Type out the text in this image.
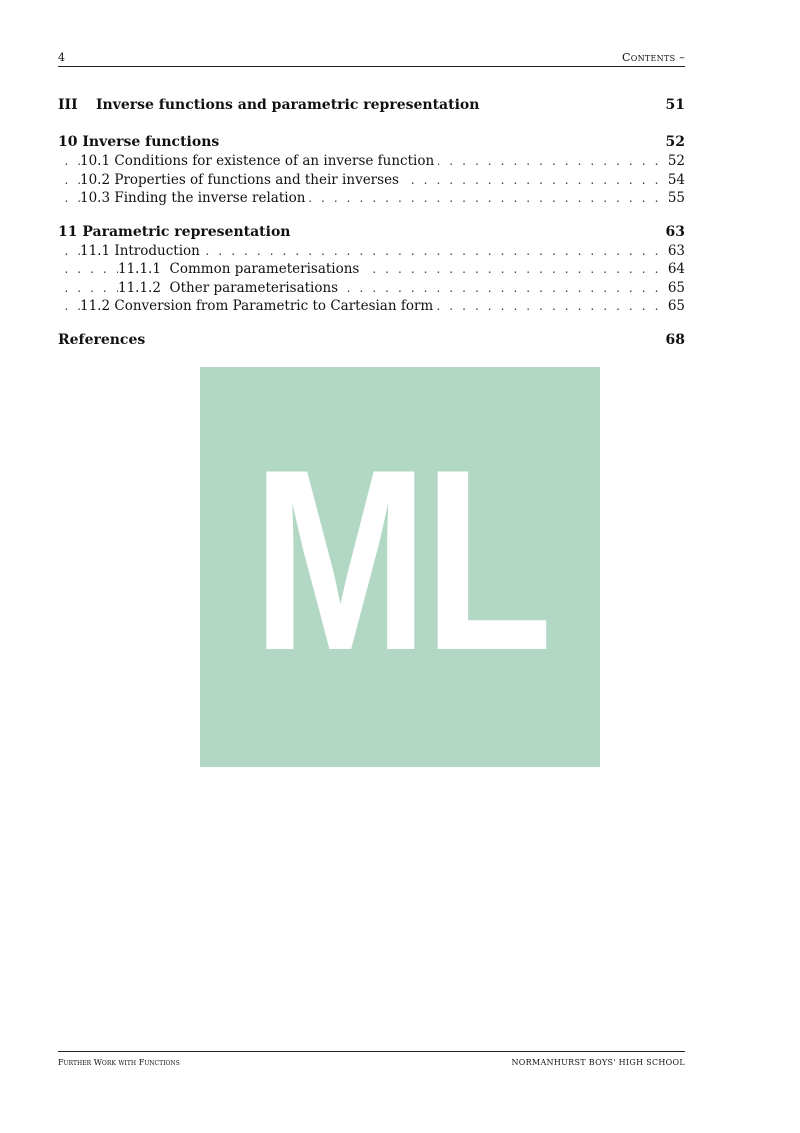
4	Contents –
III Inverse functions and parametric representation	51
10 Inverse functions	52
. . . 10.1 Conditions for existence of an inverse function	52
. . . 10.2 Properties of functions and their inverses	54
. . . 10.3 Finding the inverse relation	55
11 Parametric representation	63
. . . 11.1 Introduction	63
. . . 11.1.1 Common parameterisations	64
. . . 11.1.2 Other parameterisations	65
. . . 11.2 Conversion from Parametric to Cartesian form	65
References	68
ML
Further Work with Functions	NORMANHURST BOYS' HIGH SCHOOL
